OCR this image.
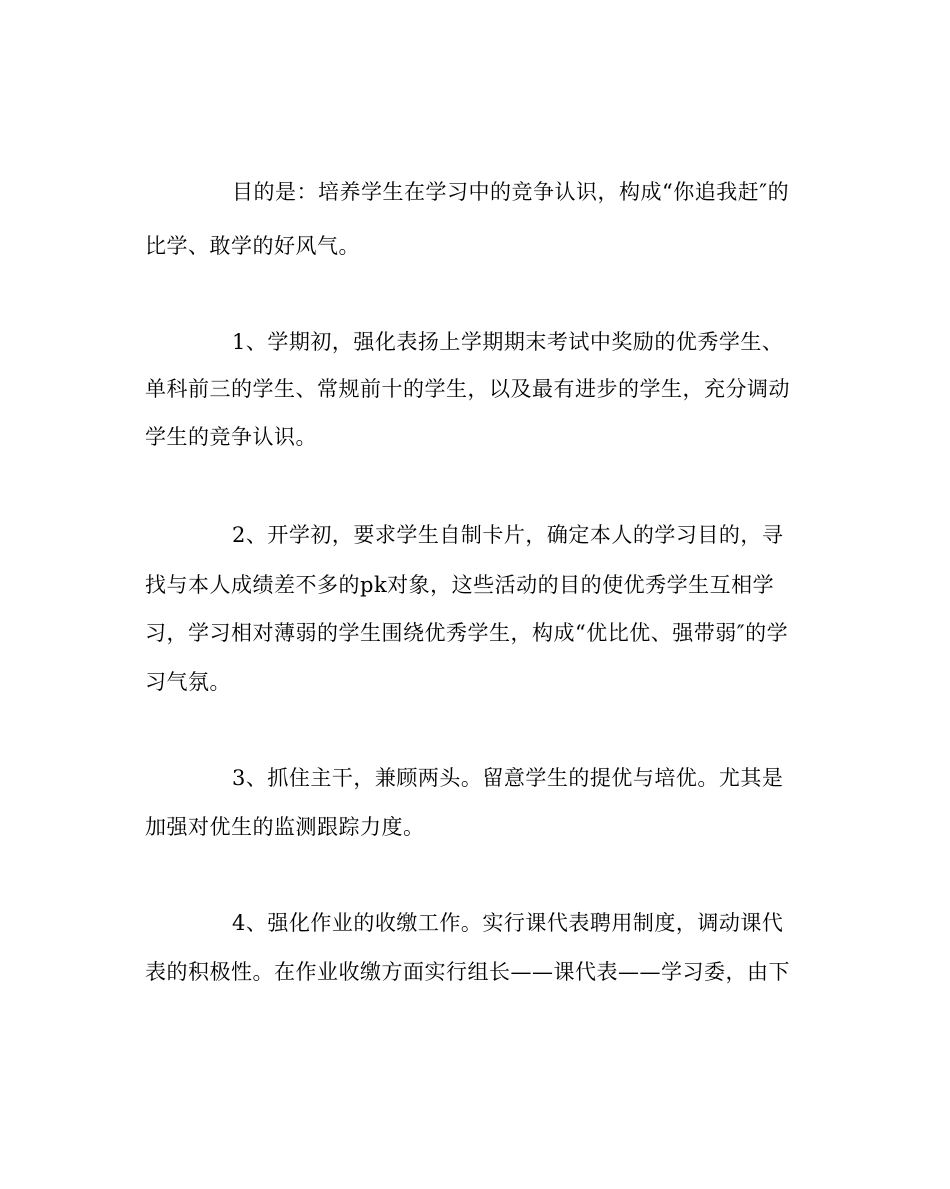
目的是：培养学生在学习中的竞争认识，构成“你追我赶″的

比学、敢学的好风气。

1、学期初，强化表扬上学期期末考试中奖励的优秀学生、

单科前三的学生、常规前十的学生，以及最有进步的学生，充分调动

学生的竞争认识。

2、开学初，要求学生自制卡片，确定本人的学习目的，寻

找与本人成绩差不多的pk对象，这些活动的目的使优秀学生互相学

习，学习相对薄弱的学生围绕优秀学生，构成“优比优、强带弱″的学

习气氛。

3、抓住主干，兼顾两头。留意学生的提优与培优。尤其是

加强对优生的监测跟踪力度。

4、强化作业的收缴工作。实行课代表聘用制度，调动课代

表的积极性。在作业收缴方面实行组长——课代表——学习委，由下
